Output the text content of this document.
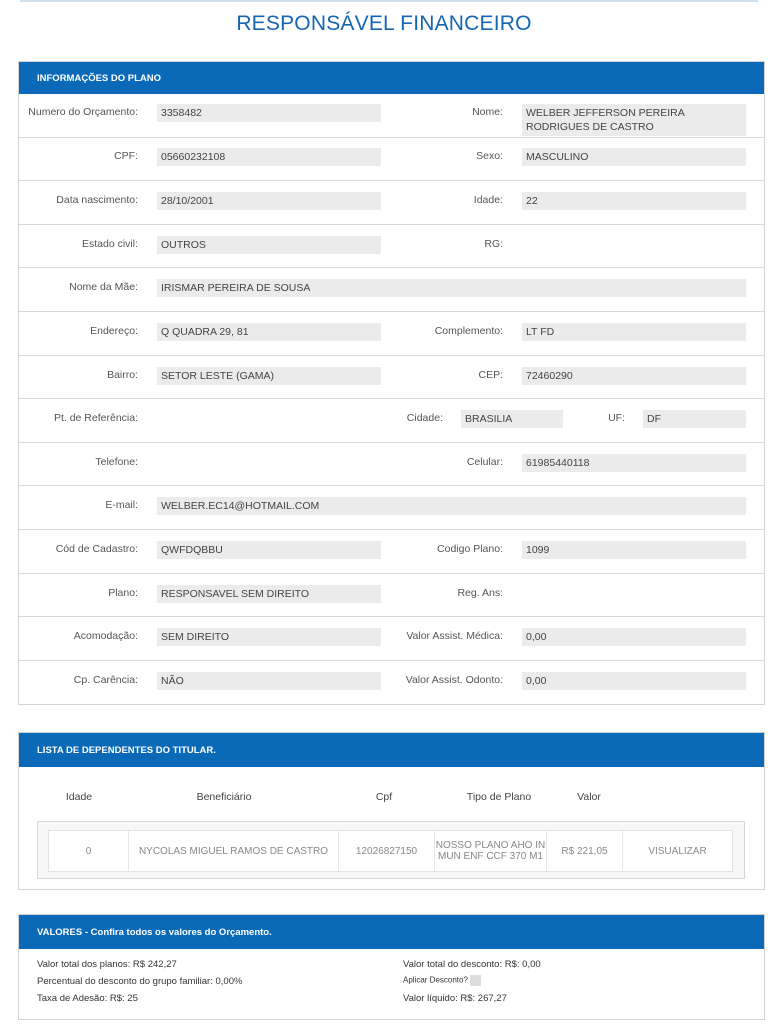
RESPONSÁVEL FINANCEIRO
INFORMAÇÕES DO PLANO
Numero do Orçamento:	3358482	Nome:	WELBER JEFFERSON PEREIRA RODRIGUES DE CASTRO
CPF:	05660232108	Sexo:	MASCULINO
Data nascimento:	28/10/2001	Idade:	22
Estado civil:	OUTROS	RG:
Nome da Mãe:	IRISMAR PEREIRA DE SOUSA
Endereço:	Q QUADRA 29, 81	Complemento:	LT FD
Bairro:	SETOR LESTE (GAMA)	CEP:	72460290
Pt. de Referência:	Cidade:	BRASILIA	UF:	DF
Telefone:	Celular:	61985440118
E-mail:	WELBER.EC14@HOTMAIL.COM
Cód de Cadastro:	QWFDQBBU	Codigo Plano:	1099
Plano:	RESPONSAVEL SEM DIREITO	Reg. Ans:
Acomodação:	SEM DIREITO	Valor Assist. Médica:	0,00
Cp. Carência:	NÃO	Valor Assist. Odonto:	0,00
LISTA DE DEPENDENTES DO TITULAR.
Idade	Beneficiário	Cpf	Tipo de Plano	Valor
0	NYCOLAS MIGUEL RAMOS DE CASTRO	12026827150	NOSSO PLANO AHO IN
MUN ENF CCF 370 M1	R$ 221,05	VISUALIZAR
VALORES - Confira todos os valores do Orçamento.
Valor total dos planos: R$ 242,27
Percentual do desconto do grupo familiar: 0,00%
Taxa de Adesão: R$: 25
Valor total do desconto: R$: 0,00
Aplicar Desconto?
Valor líquido: R$: 267,27
